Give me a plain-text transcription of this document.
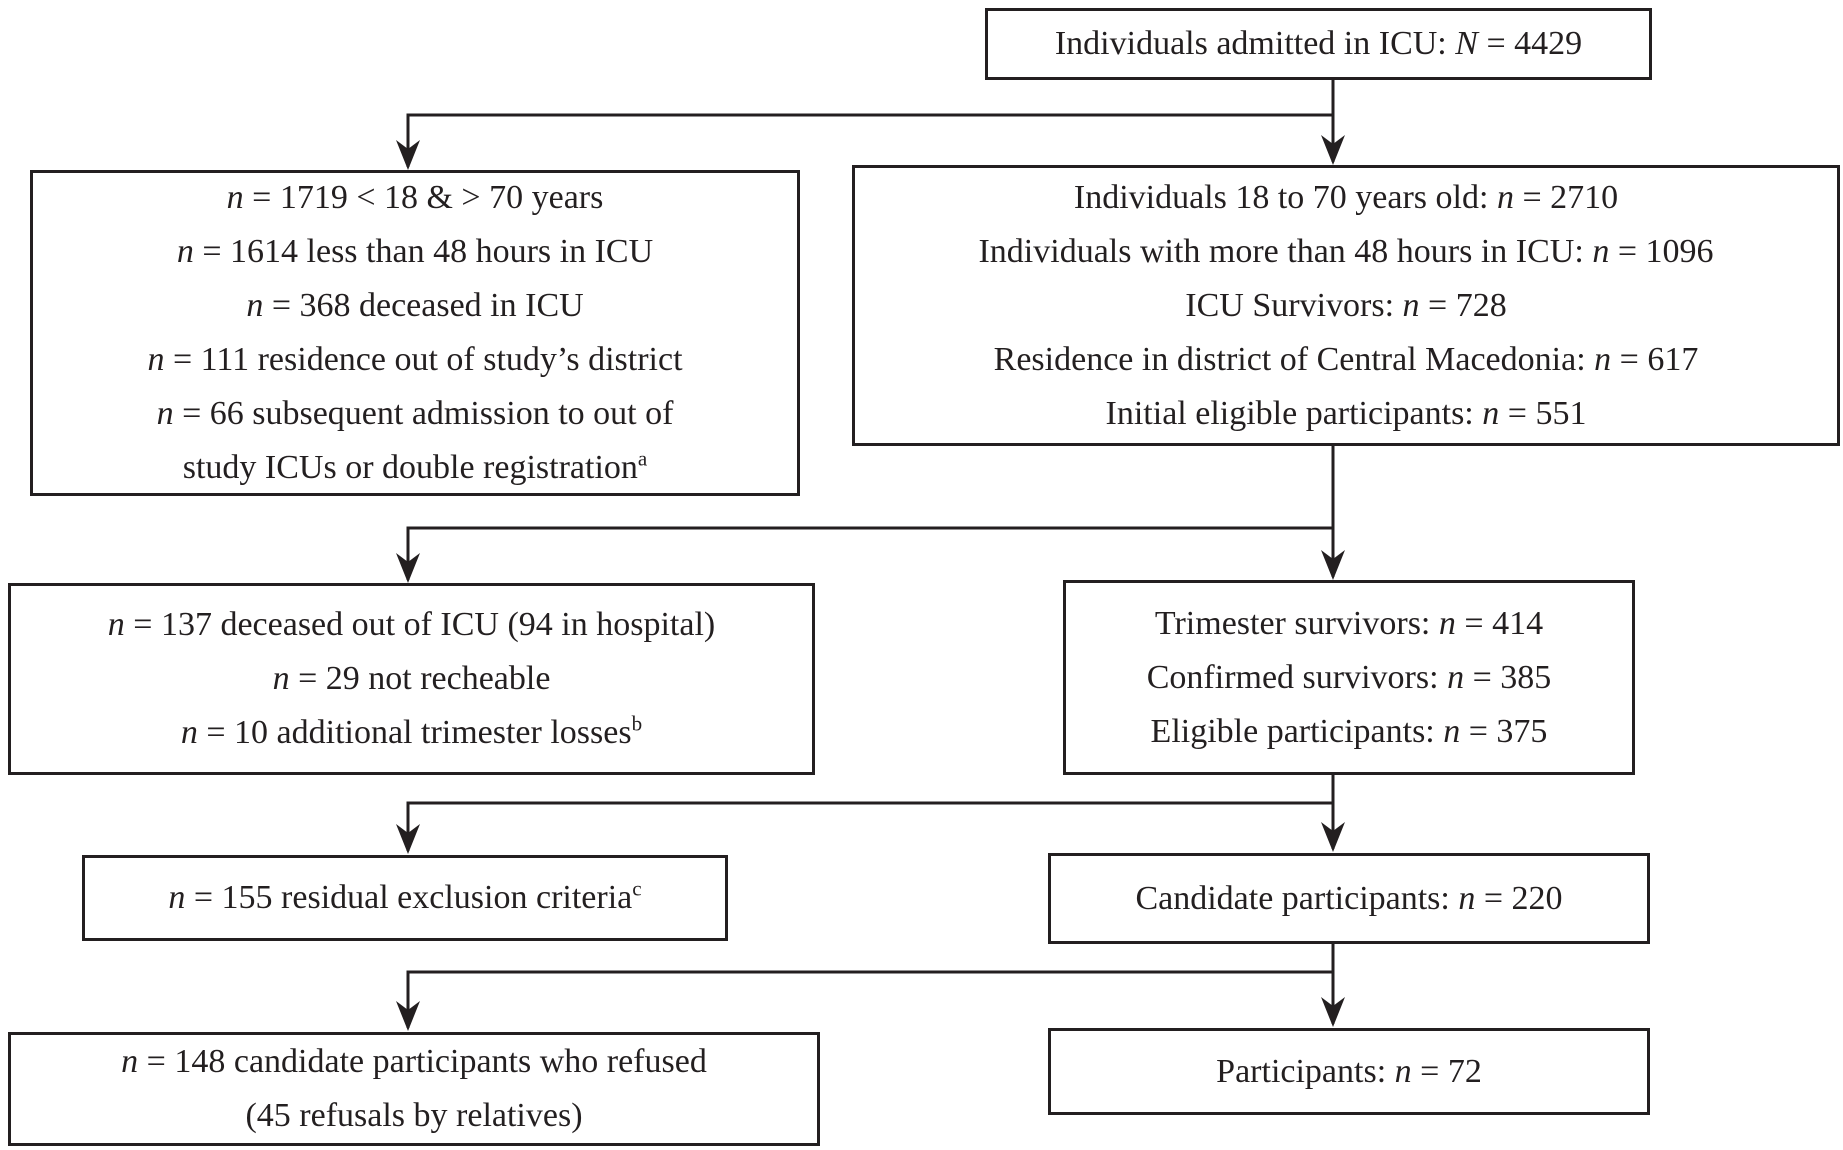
Individuals admitted in ICU: N = 4429
n = 1719 < 18 & > 70 years
n = 1614 less than 48 hours in ICU
n = 368 deceased in ICU
n = 111 residence out of study’s district
n = 66 subsequent admission to out of
study ICUs or double registration$^a$
Individuals 18 to 70 years old: n = 2710
Individuals with more than 48 hours in ICU: n = 1096
ICU Survivors: n = 728
Residence in district of Central Macedonia: n = 617
Initial eligible participants: n = 551
n = 137 deceased out of ICU (94 in hospital)
n = 29 not recheable
n = 10 additional trimester losses$^b$
Trimester survivors: n = 414
Confirmed survivors: n = 385
Eligible participants: n = 375
n = 155 residual exclusion criteria$^c$	Candidate participants: n = 220
n = 148 candidate participants who refused
(45 refusals by relatives)
Participants: n = 72
